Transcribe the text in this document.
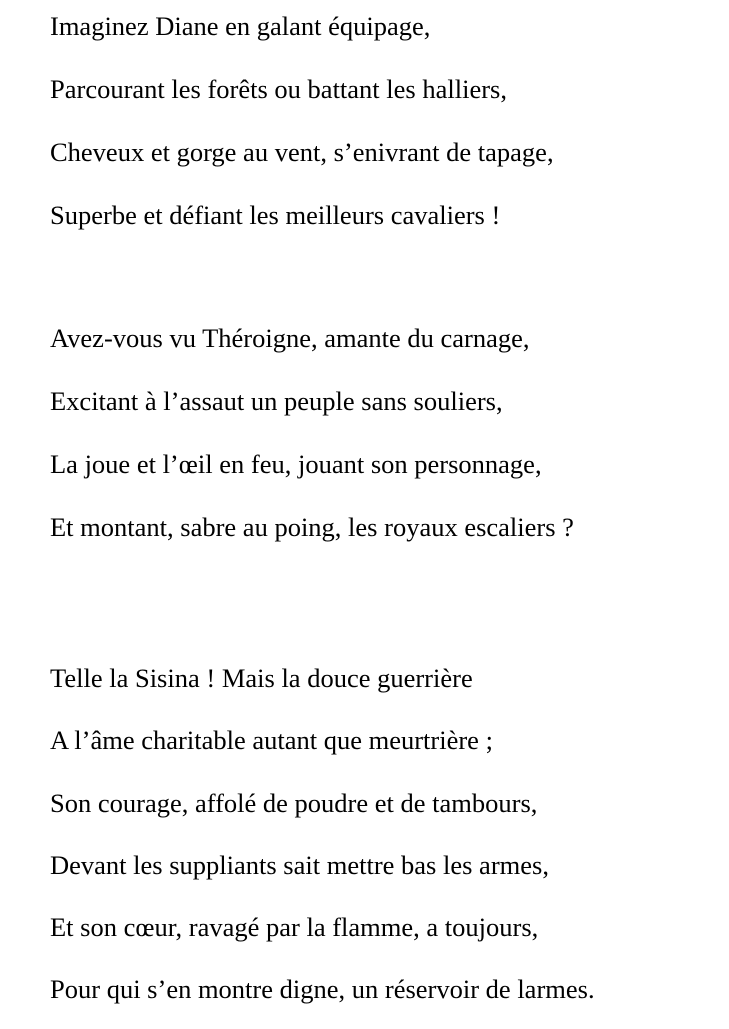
Imaginez Diane en galant équipage,
Parcourant les forêts ou battant les halliers,
Cheveux et gorge au vent, s’enivrant de tapage,
Superbe et défiant les meilleurs cavaliers !
Avez-vous vu Théroigne, amante du carnage,
Excitant à l’assaut un peuple sans souliers,
La joue et l’œil en feu, jouant son personnage,
Et montant, sabre au poing, les royaux escaliers ?
Telle la Sisina ! Mais la douce guerrière
A l’âme charitable autant que meurtrière ;
Son courage, affolé de poudre et de tambours,
Devant les suppliants sait mettre bas les armes,
Et son cœur, ravagé par la flamme, a toujours,
Pour qui s’en montre digne, un réservoir de larmes.
